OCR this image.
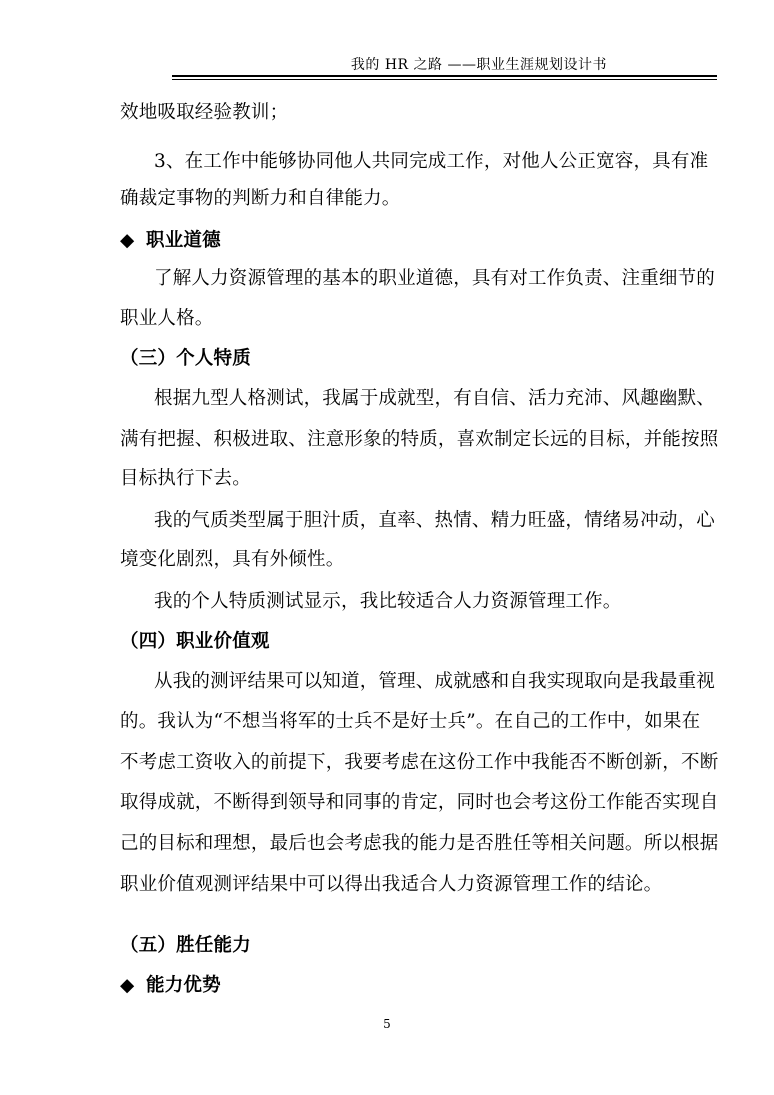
我的 HR 之路 ——职业生涯规划设计书
效地吸取经验教训；
3、在工作中能够协同他人共同完成工作，对他人公正宽容，具有准
确裁定事物的判断力和自律能力。
◆ 职业道德
了解人力资源管理的基本的职业道德，具有对工作负责、注重细节的
职业人格。
（三）个人特质
根据九型人格测试，我属于成就型，有自信、活力充沛、风趣幽默、
满有把握、积极进取、注意形象的特质，喜欢制定长远的目标，并能按照
目标执行下去。
我的气质类型属于胆汁质，直率、热情、精力旺盛，情绪易冲动，心
境变化剧烈，具有外倾性。
我的个人特质测试显示，我比较适合人力资源管理工作。
（四）职业价值观
从我的测评结果可以知道，管理、成就感和自我实现取向是我最重视
的。我认为“不想当将军的士兵不是好士兵”。在自己的工作中，如果在
不考虑工资收入的前提下，我要考虑在这份工作中我能否不断创新，不断
取得成就，不断得到领导和同事的肯定，同时也会考这份工作能否实现自
己的目标和理想，最后也会考虑我的能力是否胜任等相关问题。所以根据
职业价值观测评结果中可以得出我适合人力资源管理工作的结论。
（五）胜任能力
◆ 能力优势
5
